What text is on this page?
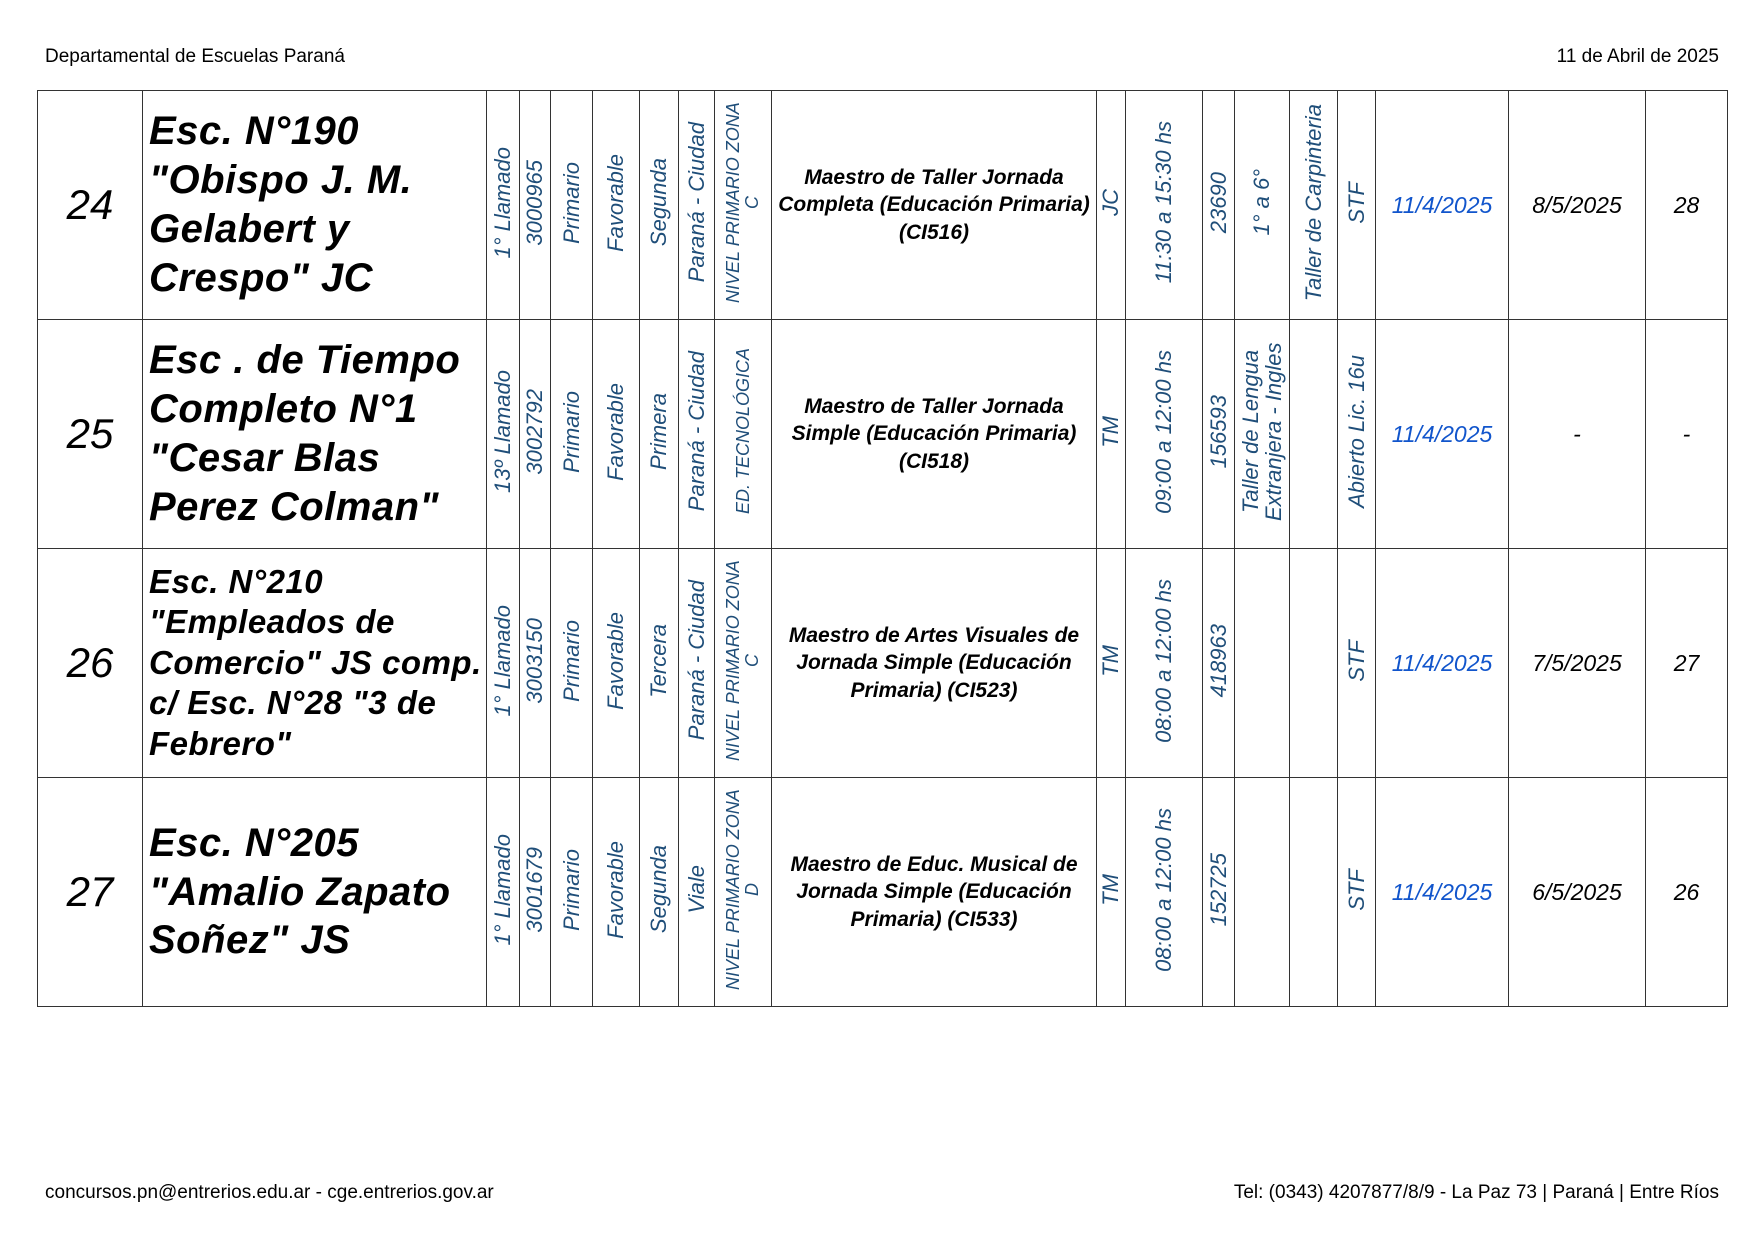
Departamental de Escuelas Paraná	11 de Abril de 2025
24	Esc. N°190 "Obispo J. M. Gelabert y Crespo" JC	1° Llamado	3000965	Primario	Favorable	Segunda	Paraná - Ciudad	NIVEL PRIMARIO ZONA C	Maestro de Taller Jornada Completa (Educación Primaria) (CI516)	JC	11:30 a 15:30 hs	23690	1° a 6°	Taller de Carpinteria	STF	11/4/2025	8/5/2025	28
25	Esc . de Tiempo Completo N°1 "Cesar Blas Perez Colman"	13º Llamado	3002792	Primario	Favorable	Primera	Paraná - Ciudad	ED. TECNOLÓGICA	Maestro de Taller Jornada Simple (Educación Primaria) (CI518)	TM	09:00 a 12:00 hs	156593	Taller de Lengua Extranjera - Ingles		Abierto Lic. 16u	11/4/2025	-	-
26	Esc. N°210 "Empleados de Comercio" JS comp. c/ Esc. N°28 "3 de Febrero"	1° Llamado	3003150	Primario	Favorable	Tercera	Paraná - Ciudad	NIVEL PRIMARIO ZONA C	Maestro de Artes Visuales de Jornada Simple (Educación Primaria) (CI523)	TM	08:00 a 12:00 hs	418963			STF	11/4/2025	7/5/2025	27
27	Esc. N°205 "Amalio Zapato Soñez" JS	1° Llamado	3001679	Primario	Favorable	Segunda	Viale	NIVEL PRIMARIO ZONA D	Maestro de Educ. Musical de Jornada Simple (Educación Primaria) (CI533)	TM	08:00 a 12:00 hs	152725			STF	11/4/2025	6/5/2025	26
concursos.pn@entrerios.edu.ar - cge.entrerios.gov.ar	Tel: (0343) 4207877/8/9 - La Paz 73 | Paraná | Entre Ríos
